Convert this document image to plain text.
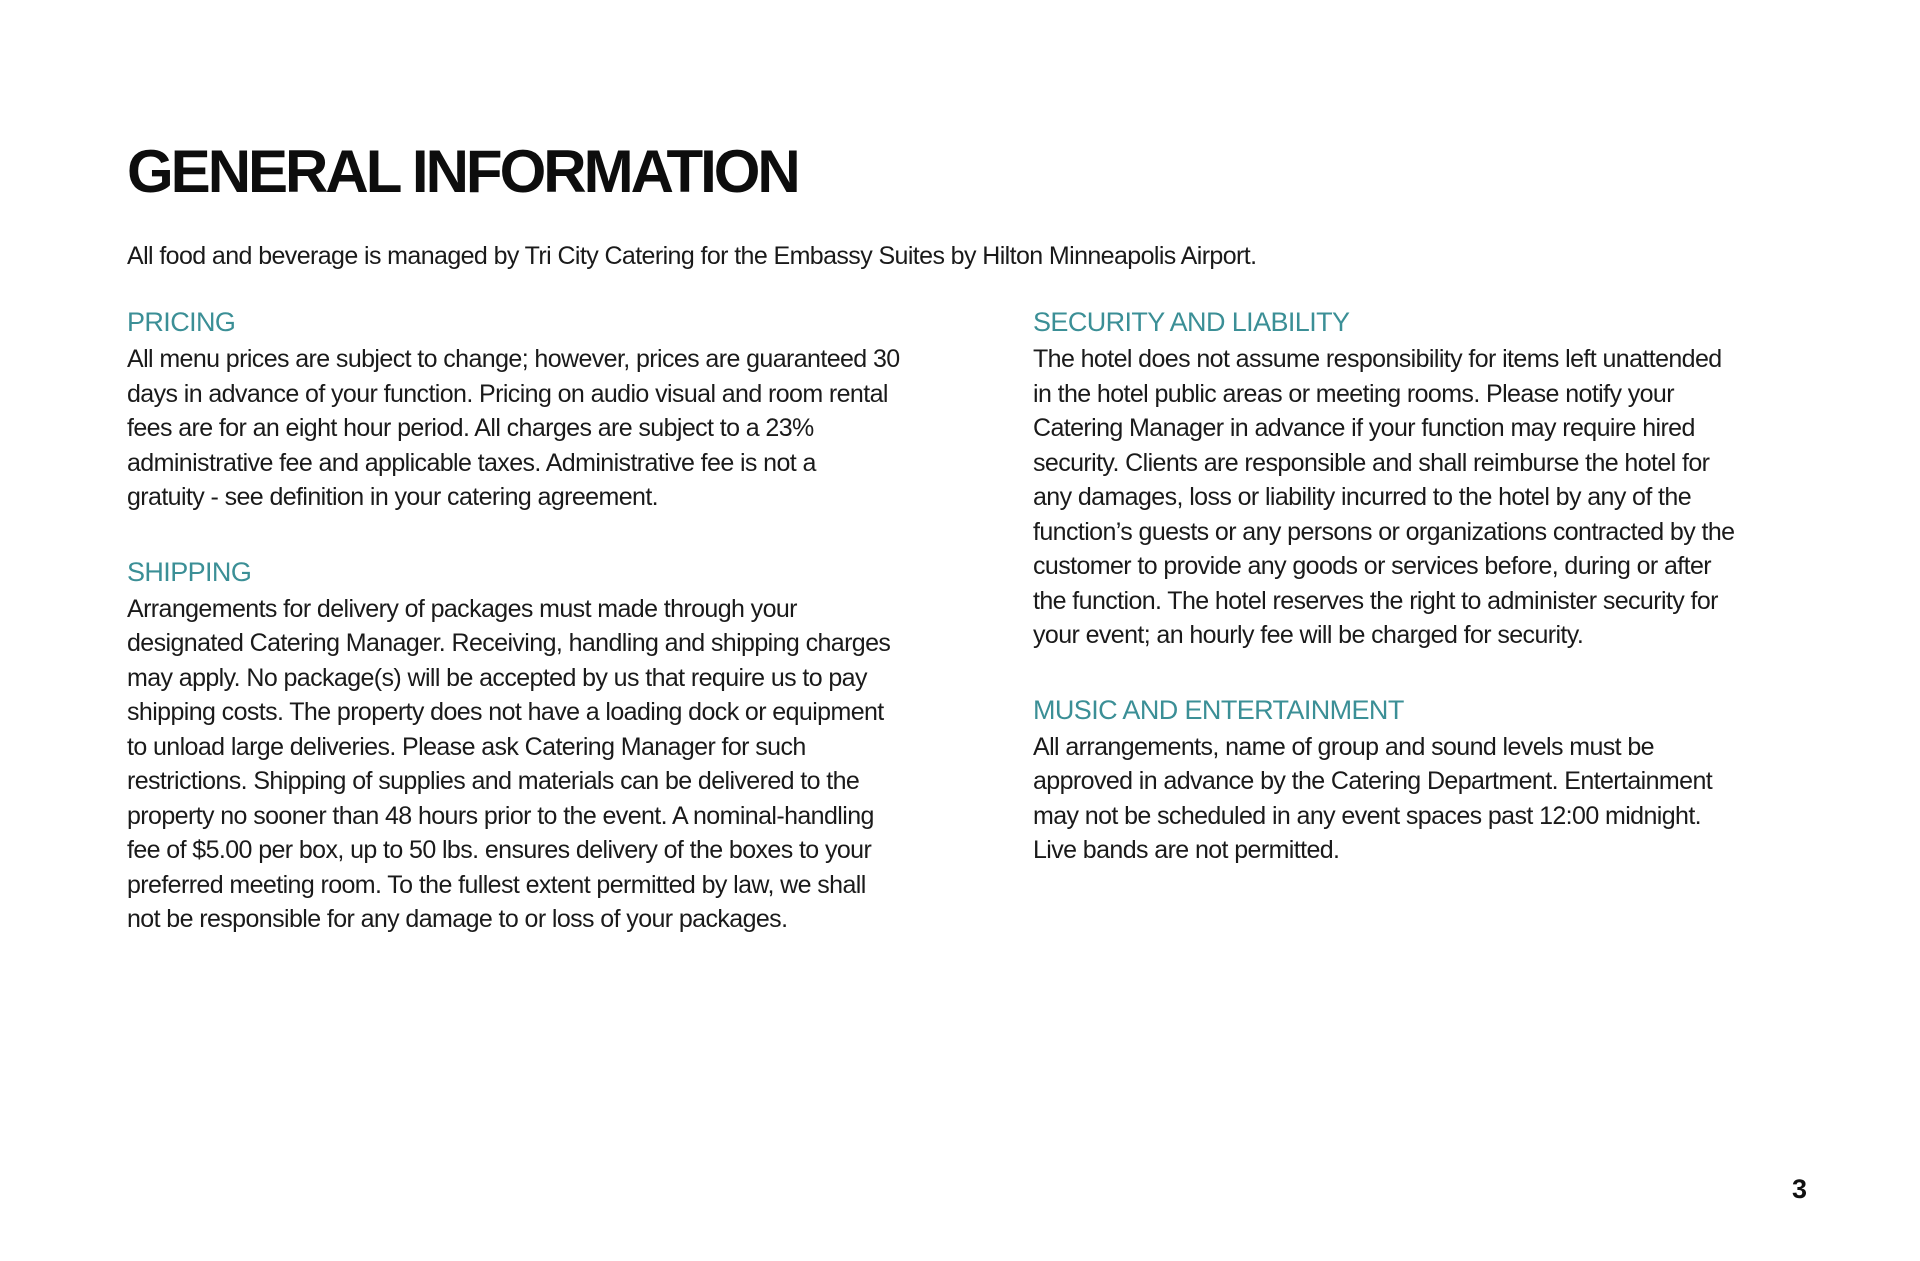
GENERAL INFORMATION

All food and beverage is managed by Tri City Catering for the Embassy Suites by Hilton Minneapolis Airport.

PRICING

All menu prices are subject to change; however, prices are guaranteed 30
days in advance of your function. Pricing on audio visual and room rental
fees are for an eight hour period. All charges are subject to a 23%
administrative fee and applicable taxes. Administrative fee is not a
gratuity - see definition in your catering agreement.

SHIPPING

Arrangements for delivery of packages must made through your
designated Catering Manager. Receiving, handling and shipping charges
may apply. No package(s) will be accepted by us that require us to pay
shipping costs. The property does not have a loading dock or equipment
to unload large deliveries. Please ask Catering Manager for such
restrictions. Shipping of supplies and materials can be delivered to the
property no sooner than 48 hours prior to the event. A nominal-handling
fee of $5.00 per box, up to 50 lbs. ensures delivery of the boxes to your
preferred meeting room. To the fullest extent permitted by law, we shall
not be responsible for any damage to or loss of your packages.

SECURITY AND LIABILITY

The hotel does not assume responsibility for items left unattended
in the hotel public areas or meeting rooms. Please notify your
Catering Manager in advance if your function may require hired
security. Clients are responsible and shall reimburse the hotel for
any damages, loss or liability incurred to the hotel by any of the
function’s guests or any persons or organizations contracted by the
customer to provide any goods or services before, during or after
the function. The hotel reserves the right to administer security for
your event; an hourly fee will be charged for security.

MUSIC AND ENTERTAINMENT

All arrangements, name of group and sound levels must be
approved in advance by the Catering Department. Entertainment
may not be scheduled in any event spaces past 12:00 midnight.
Live bands are not permitted.

3
